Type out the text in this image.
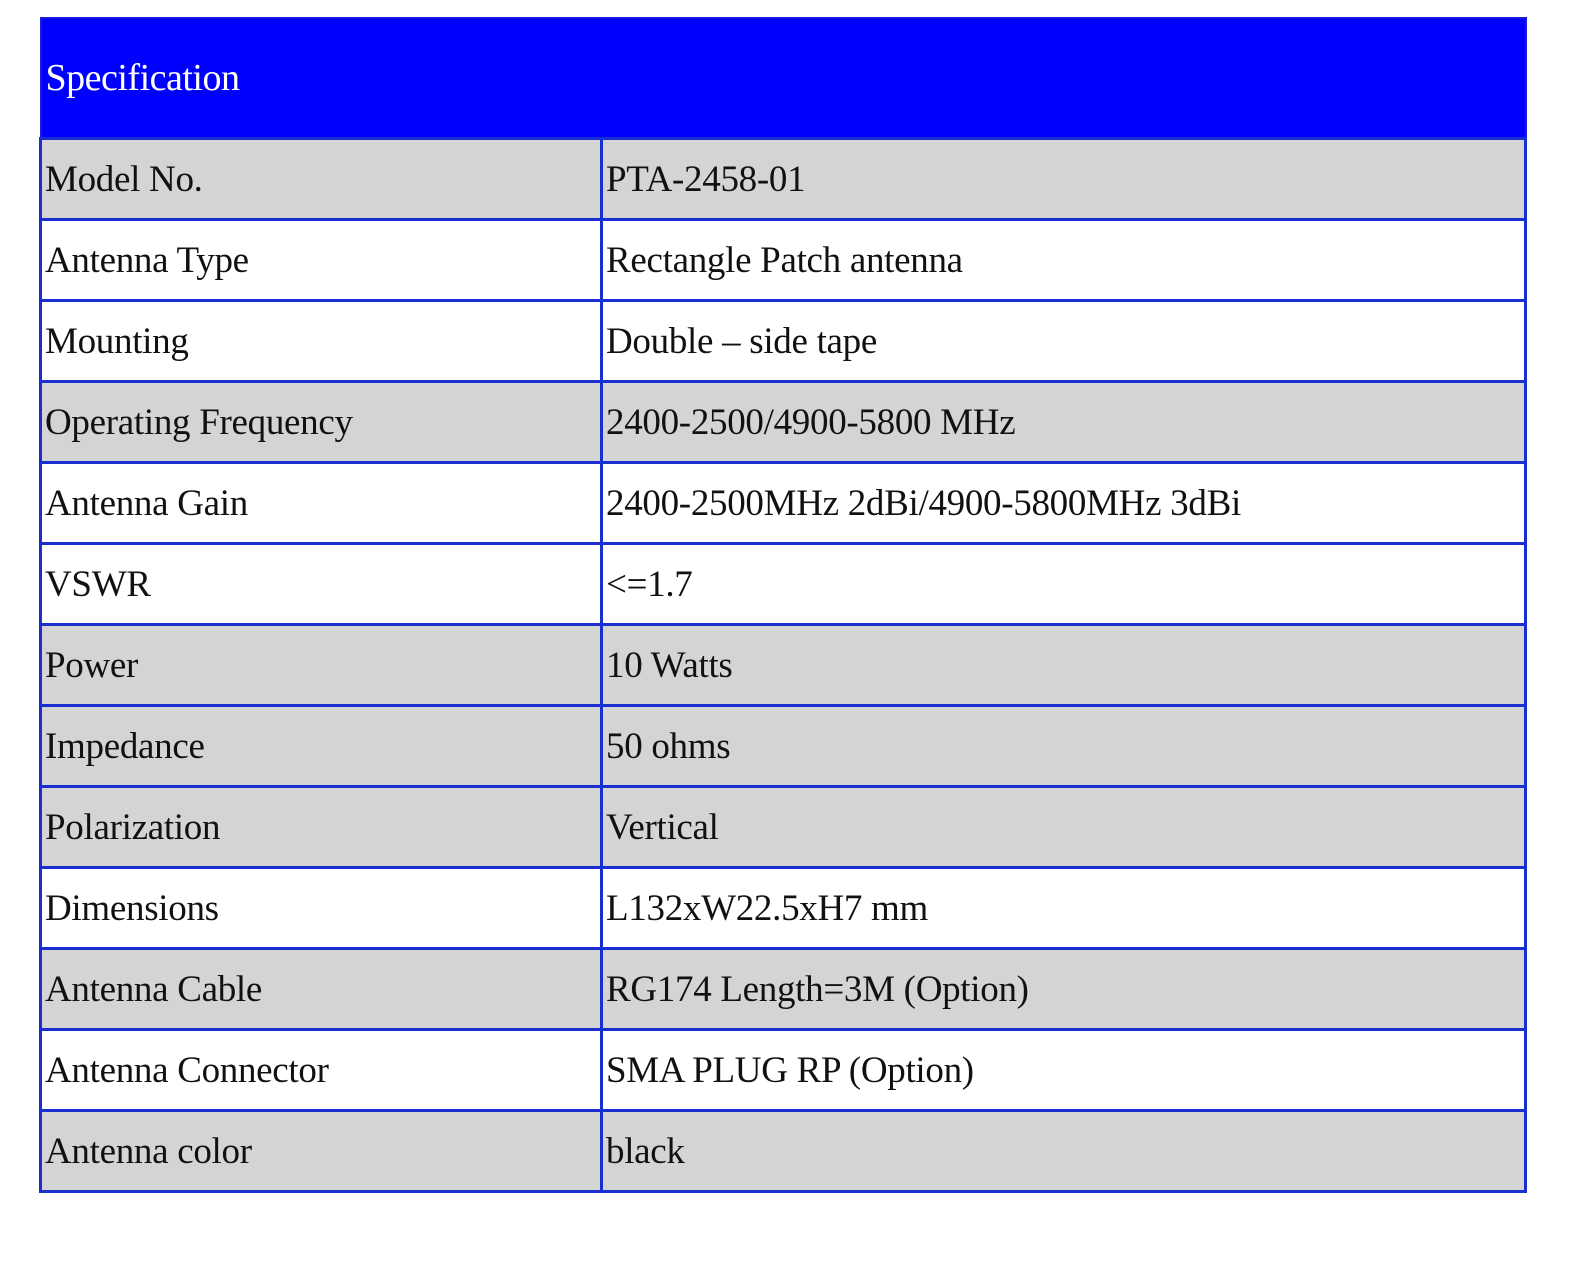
Specification	
Model No.	PTA-2458-01
Antenna Type	Rectangle Patch antenna
Mounting	Double – side tape
Operating Frequency	2400-2500/4900-5800 MHz
Antenna Gain	2400-2500MHz 2dBi/4900-5800MHz 3dBi
VSWR	<=1.7
Power	10 Watts
Impedance	50 ohms
Polarization	Vertical
Dimensions	L132xW22.5xH7 mm
Antenna Cable	RG174 Length=3M (Option)
Antenna Connector	SMA PLUG RP (Option)
Antenna color	black
